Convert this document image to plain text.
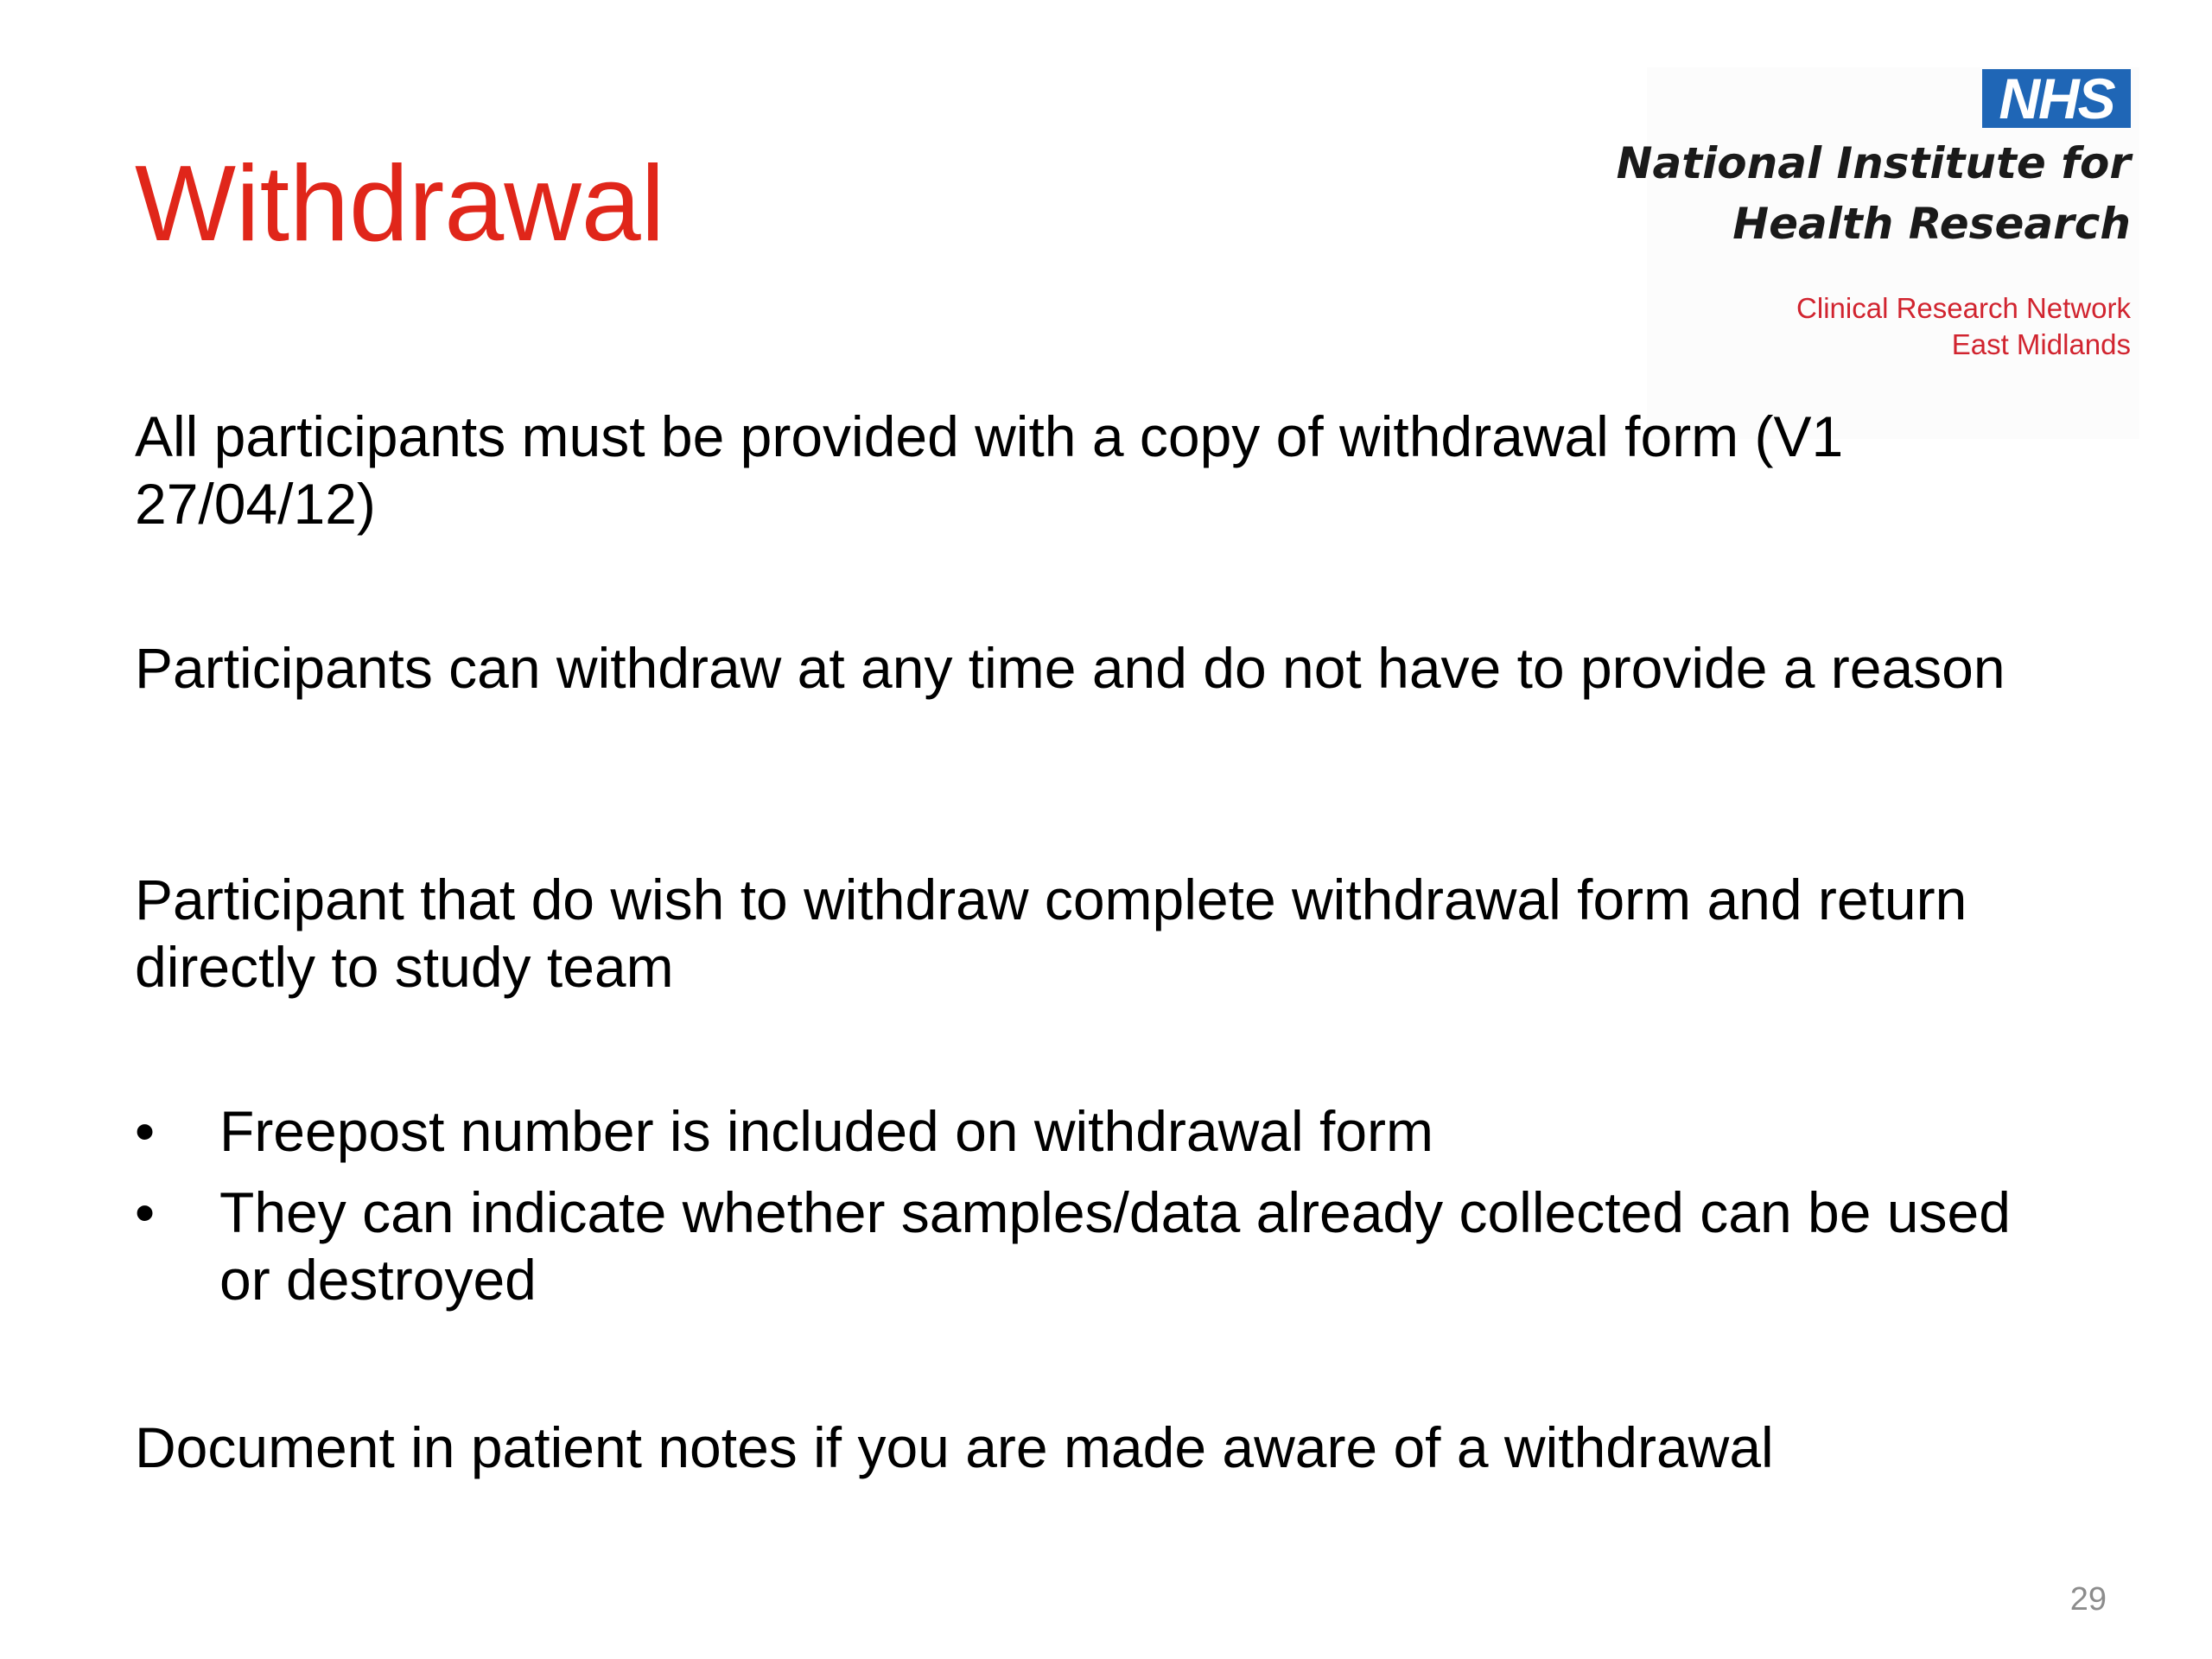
Withdrawal
NHS
National Institute for
Health Research
Clinical Research Network
East Midlands

All participants must be provided with a copy of withdrawal form (V1 27/04/12)

Participants can withdraw at any time and do not have to provide a reason

Participant that do wish to withdraw complete withdrawal form and return directly to study team

• Freepost number is included on withdrawal form
• They can indicate whether samples/data already collected can be used or destroyed

Document in patient notes if you are made aware of a withdrawal

29
